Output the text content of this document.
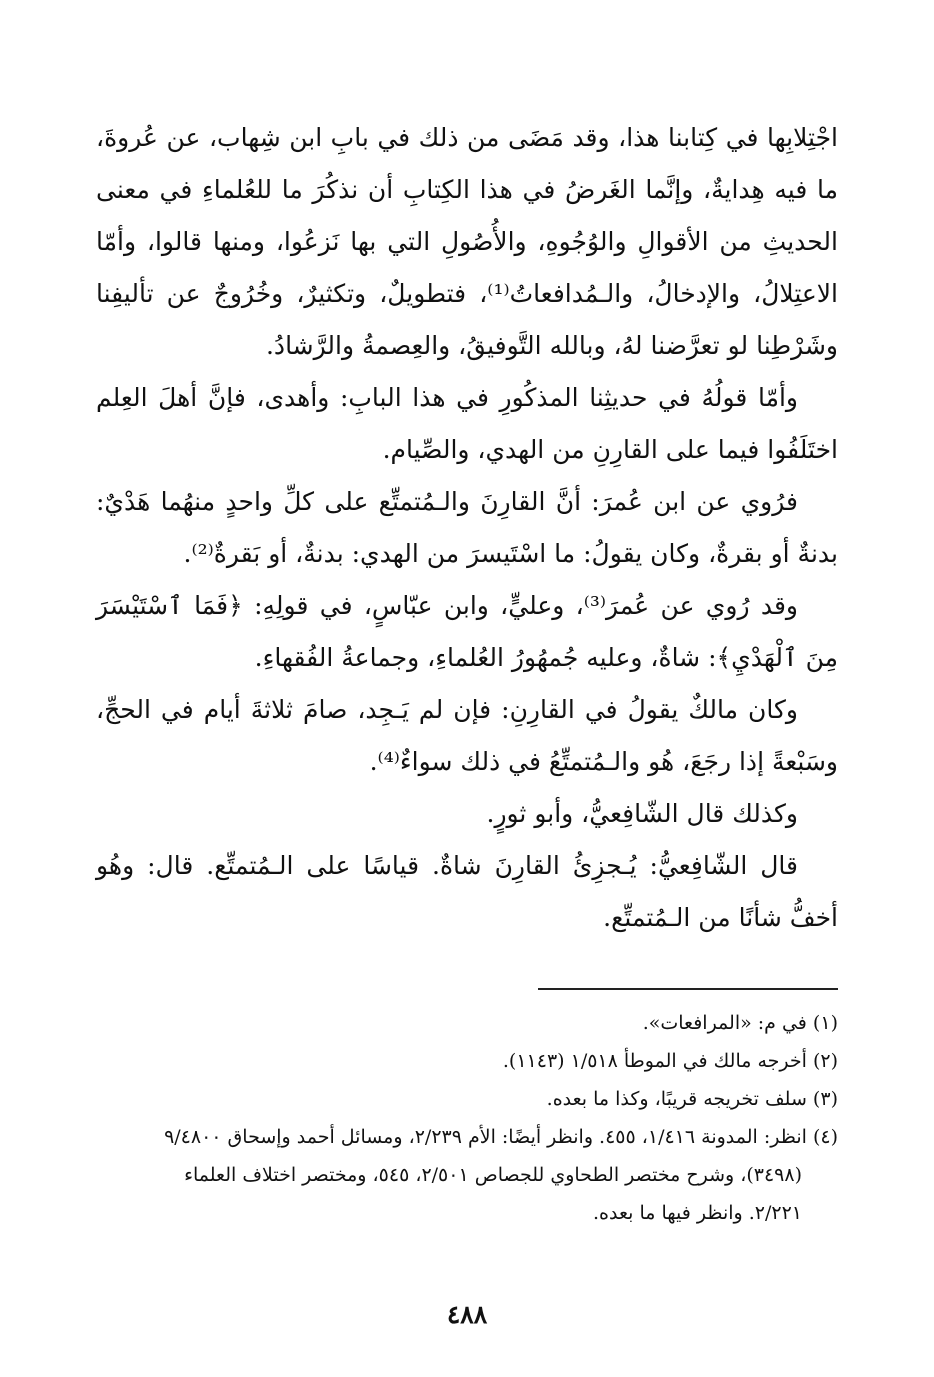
اجْتِلابِها في كِتابنا هذا، وقد مَضَى من ذلك في بابِ ابن شِهاب، عن عُروةَ، ما فيه هِدايةٌ، وإنَّما الغَرضُ في هذا الكِتابِ أن نذكُرَ ما للعُلماءِ في معنى الحديثِ من الأقوالِ والوُجُوهِ، والأُصُولِ التي بها نَزعُوا، ومنها قالوا، وأمّا الاعتِلالُ، والإدخالُ، والـمُدافعاتُ⁽¹⁾، فتطويلٌ، وتكثيرٌ، وخُرُوجٌ عن تأليفِنا وشَرْطِنا لو تعرَّضنا لهُ، وبالله التَّوفيقُ، والعِصمةُ والرَّشادُ.

وأمّا قولُهُ في حديثِنا المذكُورِ في هذا البابِ: وأهدى، فإنَّ أهلَ العِلم اختَلَفُوا فيما على القارِنِ من الهدي، والصِّيام.

فرُوي عن ابن عُمرَ: أنَّ القارِنَ والـمُتمتِّع على كلِّ واحدٍ منهُما هَدْيٌ: بدنةٌ أو بقرةٌ، وكان يقولُ: ما اسْتَيسرَ من الهدي: بدنةٌ، أو بَقرةٌ⁽²⁾.

وقد رُوي عن عُمرَ⁽³⁾، وعليٍّ، وابن عبّاسٍ، في قولِهِ: ﴿فَمَا ٱسْتَيْسَرَ مِنَ ٱلْهَدْيِ﴾: شاةٌ، وعليه جُمهُورُ العُلماءِ، وجماعةُ الفُقهاءِ.

وكان مالكٌ يقولُ في القارِنِ: فإن لم يَـجِد، صامَ ثلاثةَ أيام في الحجِّ، وسَبْعةً إذا رجَعَ، هُو والـمُتمتِّعُ في ذلك سواءٌ⁽⁴⁾.

وكذلك قال الشّافِعيُّ، وأبو ثورٍ.

قال الشّافِعيُّ: يُـجزِئُ القارِنَ شاةٌ. قياسًا على الـمُتمتِّع. قال: وهُو أخفُّ شأنًا من الـمُتمتِّع.

(١) في م: «المرافعات».

(٢) أخرجه مالك في الموطأ ١/٥١٨ (١١٤٣).

(٣) سلف تخريجه قريبًا، وكذا ما بعده.

(٤) انظر: المدونة ١/٤١٦، ٤٥٥. وانظر أيضًا: الأم ٢/٢٣٩، ومسائل أحمد وإسحاق ٩/٤٨٠٠

(٣٤٩٨)، وشرح مختصر الطحاوي للجصاص ٢/٥٠١، ٥٤٥، ومختصر اختلاف العلماء

٢/٢٢١. وانظر فيها ما بعده.

٤٨٨
